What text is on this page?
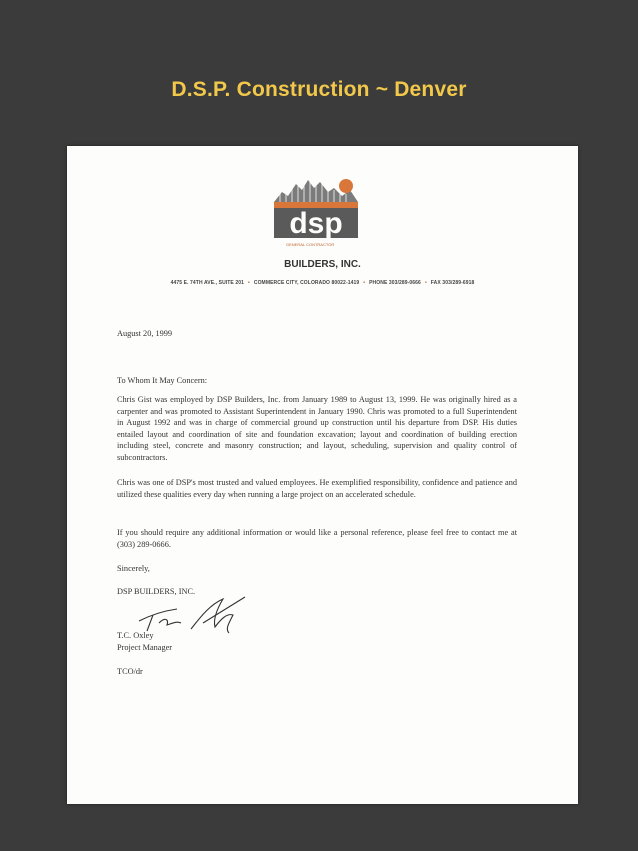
D.S.P. Construction ~ Denver
dsp
GENERAL CONTRACTOR
BUILDERS, INC.
4475 E. 74TH AVE., SUITE 201 • COMMERCE CITY, COLORADO 80022-1419 • PHONE 303/289-0666 • FAX 303/289-6918
August 20, 1999
To Whom It May Concern:

Chris Gist was employed by DSP Builders, Inc. from January 1989 to August 13, 1999. He was originally hired as a carpenter and was promoted to Assistant Superintendent in January 1990. Chris was promoted to a full Superintendent in August 1992 and was in charge of commercial ground up construction until his departure from DSP. His duties entailed layout and coordination of site and foundation excavation; layout and coordination of building erection including steel, concrete and masonry construction; and layout, scheduling, supervision and quality control of subcontractors.

Chris was one of DSP's most trusted and valued employees. He exemplified responsibility, confidence and patience and utilized these qualities every day when running a large project on an accelerated schedule.

If you should require any additional information or would like a personal reference, please feel free to contact me at (303) 289-0666.

Sincerely,
DSP BUILDERS, INC.
T.C. Oxley
Project Manager
TCO/dr
